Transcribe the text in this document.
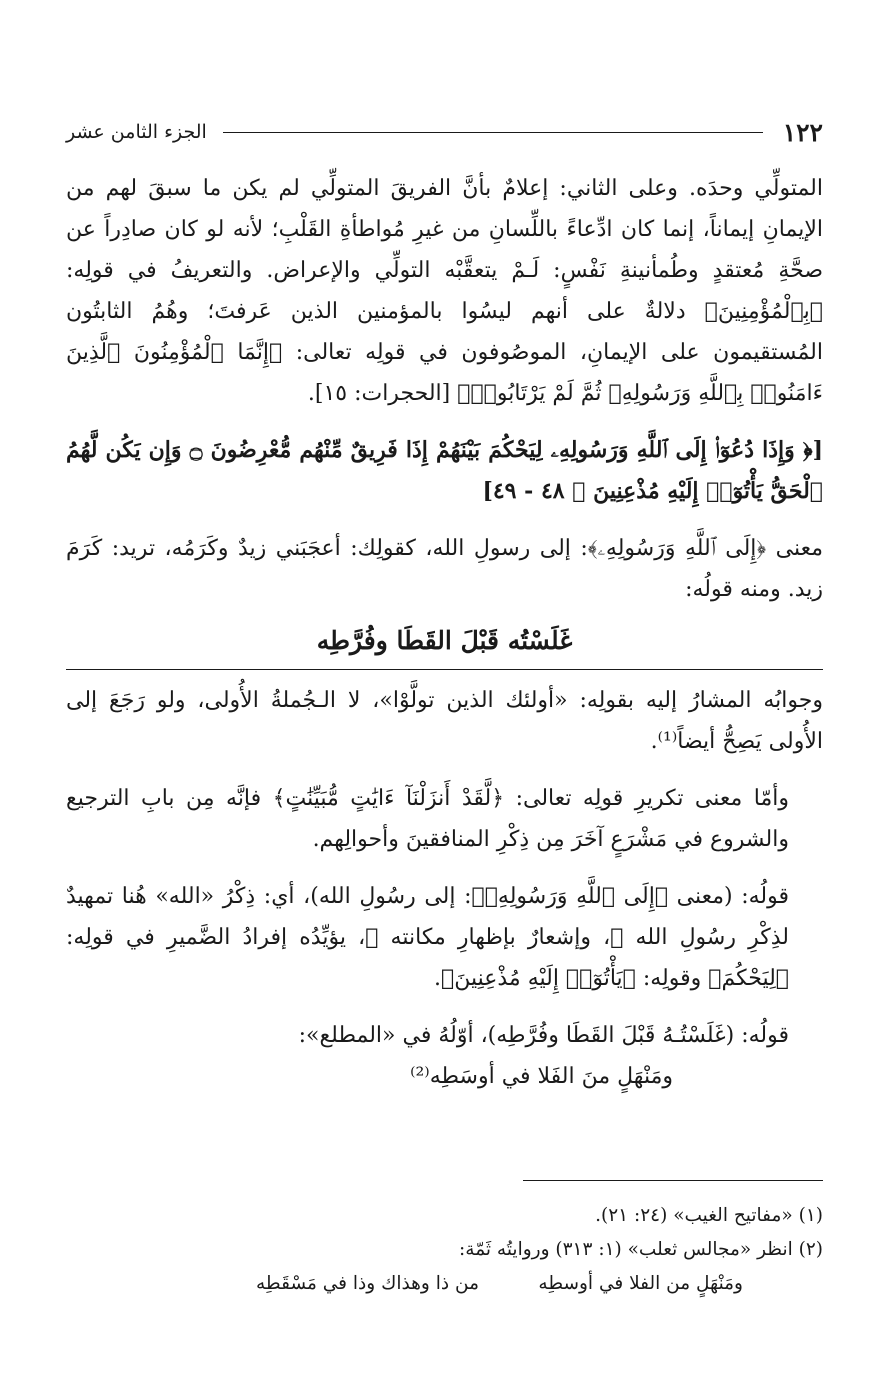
١٢٢
الجزء الثامن عشر

المتولِّي وحدَه. وعلى الثاني: إعلامٌ بأنَّ الفريقَ المتولِّي لم يكن ما سبقَ لهم من الإيمانِ إيماناً، إنما كان ادِّعاءً باللِّسانِ من غيرِ مُواطأةِ القَلْبِ؛ لأنه لو كان صادِراً عن صحَّةِ مُعتقدٍ وطُمأنينةِ نَفْسٍ: لَـمْ يتعقَّبْه التولِّي والإعراض. والتعريفُ في قولِه: ﴿بِٱلْمُؤْمِنِينَ﴾ دلالةٌ على أنهم ليسُوا بالمؤمنين الذين عَرفتَ؛ وهُمُ الثابتُون المُستقيمون على الإيمانِ، الموصُوفون في قولِه تعالى: ﴿إِنَّمَا ٱلْمُؤْمِنُونَ ٱلَّذِينَ ءَامَنُوا۟ بِٱللَّهِ وَرَسُولِهِۦ ثُمَّ لَمْ يَرْتَابُوا۟﴾ [الحجرات: ١٥].

[﴿ وَإِذَا دُعُوٓا۟ إِلَى ٱللَّهِ وَرَسُولِهِۦ لِيَحْكُمَ بَيْنَهُمْ إِذَا فَرِيقٌ مِّنْهُم مُّعْرِضُونَ ۝ وَإِن يَكُن لَّهُمُ ٱلْحَقُّ يَأْتُوٓا۟ إِلَيْهِ مُذْعِنِينَ ﴾ ٤٨ - ٤٩]

معنى ﴿إِلَى ٱللَّهِ وَرَسُولِهِۦ﴾: إلى رسولِ الله، كقولِك: أعجَبَني زيدٌ وكَرَمُه، تريد: كَرَمَ زيد. ومنه قولُه:

غَلَسْتُه قَبْلَ القَطَا وفُرَّطِه

وجوابُه المشارُ إليه بقولِه: «أولئك الذين تولَّوْا»، لا الـجُملةُ الأُولى، ولو رَجَعَ إلى الأُولى يَصِحُّ أيضاً⁽¹⁾.

وأمّا معنى تكريرِ قولِه تعالى: ﴿لَّقَدْ أَنزَلْنَآ ءَايَٰتٍ مُّبَيِّنَٰتٍ﴾ فإنَّه مِن بابِ الترجيع والشروع في مَشْرَعٍ آخَرَ مِن ذِكْرِ المنافقينَ وأحوالِهم.

قولُه: (معنى ﴿إِلَى ٱللَّهِ وَرَسُولِهِۦ﴾: إلى رسُولِ الله)، أي: ذِكْرُ «الله» هُنا تمهيدٌ لذِكْرِ رسُولِ الله ﷺ، وإشعارٌ بإظهارِ مكانته ﷺ، يؤيِّدُه إفرادُ الضَّميرِ في قولِه: ﴿لِيَحْكُمَ﴾ وقولِه: ﴿يَأْتُوٓا۟ إِلَيْهِ مُذْعِنِينَ﴾.

قولُه: (غَلَسْتُـهُ قَبْلَ القَطَا وفُرَّطِه)، أوّلُهُ في «المطلع»:

ومَنْهَلٍ منَ الفَلا في أوسَطِه⁽²⁾

(١) «مفاتيح الغيب» (٢٤: ٢١).

(٢) انظر «مجالس ثعلب» (١: ٣١٣) وروايتُه ثَمّة:

ومَنْهَلٍ من الفلا في أوسطِه
من ذا وهذاك وذا في مَسْقَطِه
